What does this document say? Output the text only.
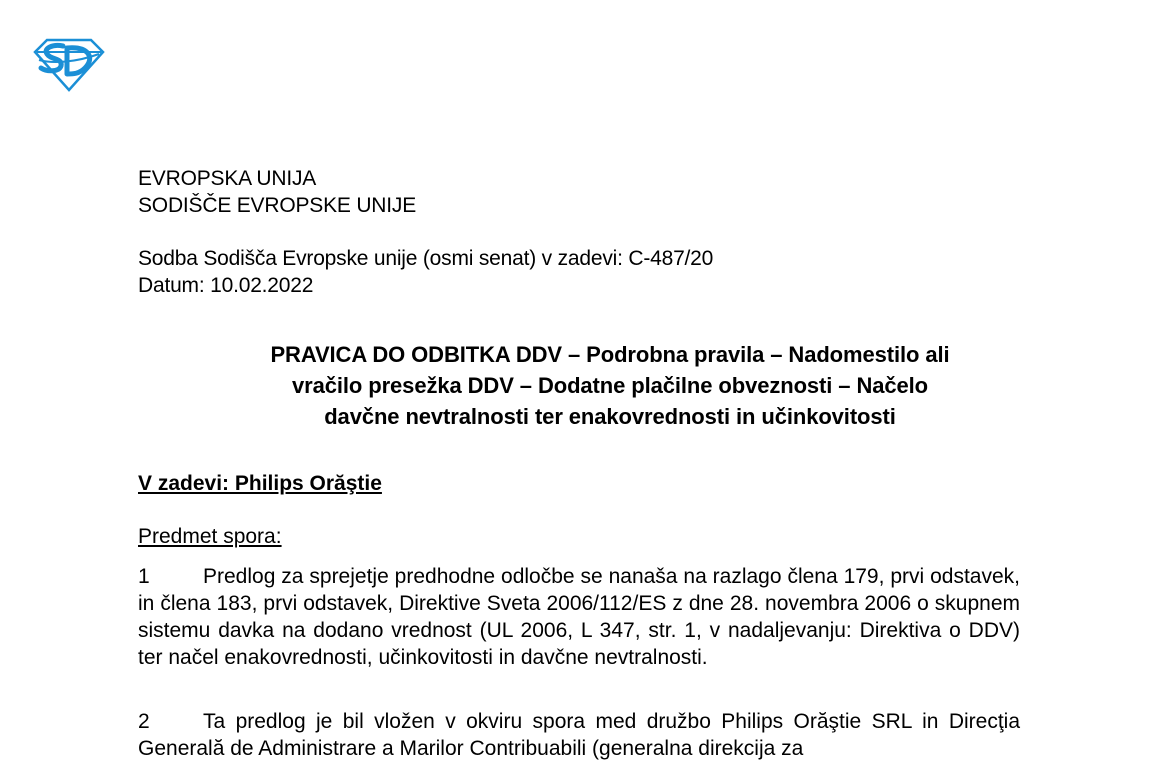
EVROPSKA UNIJA
SODIŠČE EVROPSKE UNIJE
Sodba Sodišča Evropske unije (osmi senat) v zadevi: C-487/20
Datum: 10.02.2022
PRAVICA DO ODBITKA DDV – Podrobna pravila – Nadomestilo ali
vračilo presežka DDV – Dodatne plačilne obveznosti – Načelo
davčne nevtralnosti ter enakovrednosti in učinkovitosti
V zadevi: Philips Orăştie
Predmet spora:
1	Predlog za sprejetje predhodne odločbe se nanaša na razlago člena 179, prvi odstavek, in člena 183, prvi odstavek, Direktive Sveta 2006/112/ES z dne 28. novembra 2006 o skupnem sistemu davka na dodano vrednost (UL 2006, L 347, str. 1, v nadaljevanju: Direktiva o DDV) ter načel enakovrednosti, učinkovitosti in davčne nevtralnosti.
2	Ta predlog je bil vložen v okviru spora med družbo Philips Orăştie SRL in Direcţia Generală de Administrare a Marilor Contribuabili (generalna direkcija za
